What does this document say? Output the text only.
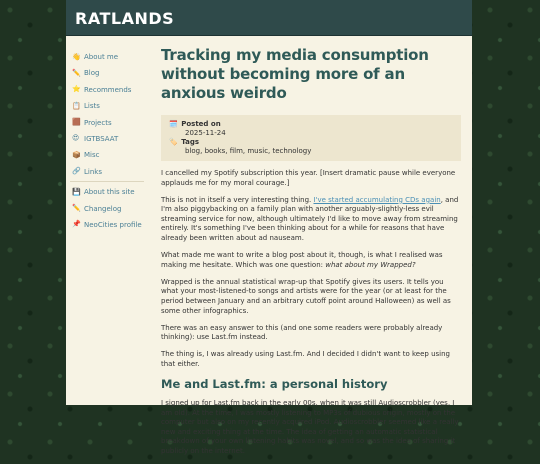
RATLANDS
👋 About me
✏️ Blog
⭐ Recommends
📋 Lists
🟫 Projects
😍 IGTBSAAT
📦 Misc
🔗 Links
💾 About this site
✏️ Changelog
📌 NeoCities profile
Tracking my media consumption without becoming more of an anxious weirdo
🗓️ Posted on
2025-11-24
🏷️ Tags
blog, books, film, music, technology

I cancelled my Spotify subscription this year. [Insert dramatic pause while everyone applauds me for my moral courage.]

This is not in itself a very interesting thing. I've started accumulating CDs again, and I'm also piggybacking on a family plan with another arguably-slightly-less evil streaming service for now, although ultimately I'd like to move away from streaming entirely. It's something I've been thinking about for a while for reasons that have already been written about ad nauseam.

What made me want to write a blog post about it, though, is what I realised was making me hesitate. Which was one question: what about my Wrapped?

Wrapped is the annual statistical wrap-up that Spotify gives its users. It tells you what your most-listened-to songs and artists were for the year (or at least for the period between January and an arbitrary cutoff point around Halloween) as well as some other infographics.

There was an easy answer to this (and one some readers were probably already thinking): use Last.fm instead.

The thing is, I was already using Last.fm. And I decided I didn't want to keep using that either.

Me and Last.fm: a personal history

I signed up for Last.fm back in the early 00s, when it was still Audioscrobbler (yes, I am old). At the time, I was mostly listening to MP3s of dubious origin, mostly on the computer but also on my recently acquired iPod. Audioscrobbler seemed like a really new and exciting thing at the time. The idea of getting an automatic statistical breakdown of your own listening habits was novel, and so was the idea of sharing it publicly on the internet.
